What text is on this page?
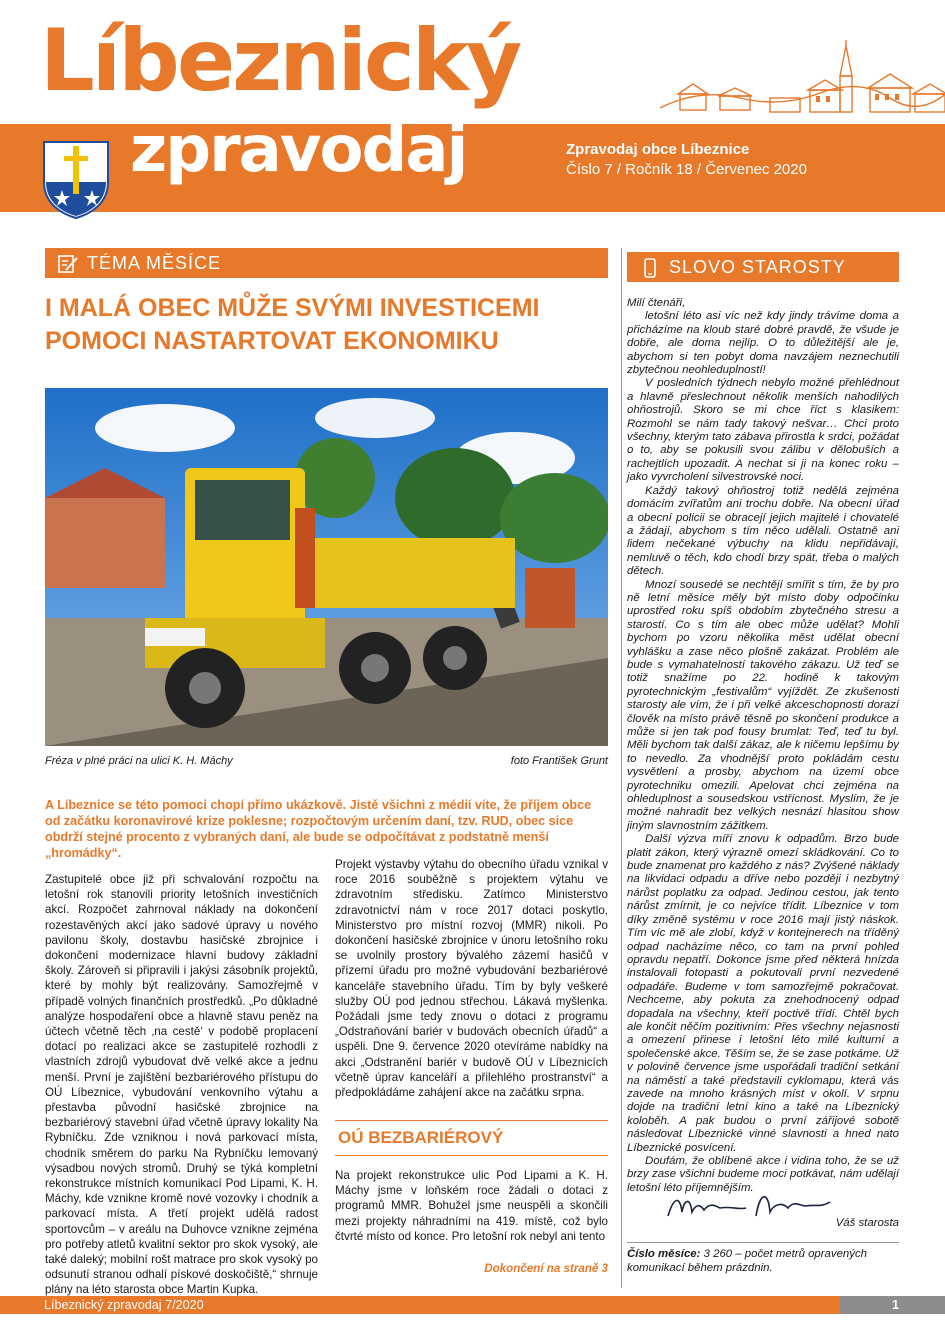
Líbeznický
zpravodaj	Zpravodaj obce Líbeznice
Číslo 7 / Ročník 18 / Červenec 2020
TÉMA MĚSÍCE	SLOVO STAROSTY
I MALÁ OBEC MŮŽE SVÝMI INVESTICEMI
POMOCI NASTARTOVAT EKONOMIKU
Fréza v plné práci na ulici K. H. Máchy	foto František Grunt
A Líbeznice se této pomoci chopí přímo ukázkově. Jistě všichni z médií víte, že příjem obce od začátku koronavirové krize poklesne; rozpočtovým určením daní, tzv. RUD, obec sice obdrží stejné procento z vybraných daní, ale bude se odpočítávat z podstatně menší „hromádky“.
Zastupitelé obce již při schvalování rozpočtu na letošní rok stanovili priority letošních investičních akcí. Rozpočet zahrnoval náklady na dokončení rozestavěných akcí jako sadové úpravy u nového pavilonu školy, dostavbu hasičské zbrojnice i dokončení modernizace hlavní budovy základní školy. Zároveň si připravili i jakýsi zásobník projektů, které by mohly být realizovány. Samozřejmě v případě volných finančních prostředků. „Po důkladné analýze hospodaření obce a hlavně stavu peněz na účtech včetně těch ‚na cestě‘ v podobě proplacení dotací po realizaci akce se zastupitelé rozhodli z vlastních zdrojů vybudovat dvě velké akce a jednu menší. První je zajištění bezbariérového přístupu do OÚ Líbeznice, vybudování venkovního výtahu a přestavba původní hasičské zbrojnice na bezbariérový stavební úřad včetně úpravy lokality Na Rybníčku. Zde vzniknou i nová parkovací místa, chodník směrem do parku Na Rybníčku lemovaný výsadbou nových stromů. Druhý se týká kompletní rekonstrukce místních komunikací Pod Lipami, K. H. Máchy, kde vznikne kromě nové vozovky i chodník a parkovací místa. A třetí projekt udělá radost sportovcům – v areálu na Duhovce vznikne zejména pro potřeby atletů kvalitní sektor pro skok vysoký, ale také daleký; mobilní rošt matrace pro skok vysoký po odsunutí stranou odhalí pískové doskočiště,“ shrnuje plány na léto starosta obce Martin Kupka.
Projekt výstavby výtahu do obecního úřadu vznikal v roce 2016 souběžně s projektem výtahu ve zdravotním středisku. Zatímco Ministerstvo zdravotnictví nám v roce 2017 dotaci poskytlo, Ministerstvo pro místní rozvoj (MMR) nikoli. Po dokončení hasičské zbrojnice v únoru letošního roku se uvolnily prostory bývalého zázemí hasičů v přízemí úřadu pro možné vybudování bezbariérové kanceláře stavebního úřadu. Tím by byly veškeré služby OÚ pod jednou střechou. Lákavá myšlenka. Požádali jsme tedy znovu o dotaci z programu „Odstraňování bariér v budovách obecních úřadů“ a uspěli. Dne 9. července 2020 otevíráme nabídky na akci „Odstranění bariér v budově OÚ v Líbeznicích včetně úprav kanceláří a přilehlého prostranství“ a předpokládáme zahájení akce na začátku srpna.
OÚ BEZBARIÉROVÝ
Na projekt rekonstrukce ulic Pod Lipami a K. H. Máchy jsme v loňském roce žádali o dotaci z programů MMR. Bohužel jsme neuspěli a skončili mezi projekty náhradními na 419. místě, což bylo čtvrté místo od konce. Pro letošní rok nebyl ani tento
Dokončení na straně 3

Milí čtenáři,

letošní léto asi víc než kdy jindy trávíme doma a přicházíme na kloub staré dobré pravdě, že všude je dobře, ale doma nejlíp. O to důležitější ale je, abychom si ten pobyt doma navzájem neznechutili zbytečnou neohleduplností!

V posledních týdnech nebylo možné přehlédnout a hlavně přeslechnout několik menších nahodilých ohňostrojů. Skoro se mi chce říct s klasikem: Rozmohl se nám tady takový nešvar… Chci proto všechny, kterým tato zábava přirostla k srdci, požádat o to, aby se pokusili svou zálibu v dělobuších a rachejtlích upozadit. A nechat si ji na konec roku – jako vyvrcholení silvestrovské noci.

Každý takový ohňostroj totiž nedělá zejména domácím zvířatům ani trochu dobře. Na obecní úřad a obecní policii se obracejí jejich majitelé i chovatelé a žádají, abychom s tím něco udělali. Ostatně ani lidem nečekané výbuchy na klidu nepřidávají, nemluvě o těch, kdo chodí brzy spát, třeba o malých dětech.

Mnozí sousedé se nechtějí smířit s tím, že by pro ně letní měsíce měly být místo doby odpočinku uprostřed roku spíš obdobím zbytečného stresu a starostí. Co s tím ale obec může udělat? Mohli bychom po vzoru několika měst udělat obecní vyhlášku a zase něco plošně zakázat. Problém ale bude s vymahatelností takového zákazu. Už teď se totiž snažíme po 22. hodině k takovým pyrotechnickým „festivalům“ vyjíždět. Ze zkušenosti starosty ale vím, že i při velké akceschopnosti dorazí člověk na místo právě těsně po skončení produkce a může si jen tak pod fousy brumlat: Teď, teď tu byl. Měli bychom tak další zákaz, ale k ničemu lepšímu by to nevedlo. Za vhodnější proto pokládám cestu vysvětlení a prosby, abychom na území obce pyrotechniku omezili. Apelovat chci zejména na ohleduplnost a sousedskou vstřícnost. Myslím, že je možné nahradit bez velkých nesnází hlasitou show jiným slavnostním zážitkem.

Další výzva míří znovu k odpadům. Brzo bude platit zákon, který výrazně omezí skládkování. Co to bude znamenat pro každého z nás? Zvýšené náklady na likvidaci odpadu a dříve nebo později i nezbytný nárůst poplatku za odpad. Jedinou cestou, jak tento nárůst zmírnit, je co nejvíce třídit. Líbeznice v tom díky změně systému v roce 2016 mají jistý náskok. Tím víc mě ale zlobí, když v kontejnerech na tříděný odpad nacházíme něco, co tam na první pohled opravdu nepatří. Dokonce jsme před některá hnízda instalovali fotopasti a pokutovali první nezvedené odpadáře. Budeme v tom samozřejmě pokračovat. Nechceme, aby pokuta za znehodnocený odpad dopadala na všechny, kteří poctivě třídí. Chtěl bych ale končit něčím pozitivním: Přes všechny nejasnosti a omezení přinese i letošní léto milé kulturní a společenské akce. Těším se, že se zase potkáme. Už v polovině července jsme uspořádali tradiční setkání na náměstí a také představili cyklomapu, která vás zavede na mnoho krásných míst v okolí. V srpnu dojde na tradiční letní kino a také na Líbeznický koloběh. A pak budou o první zářijové sobotě následovat Líbeznické vinné slavnosti a hned nato Líbeznické posvícení.

Doufám, že oblíbené akce i vidina toho, že se už brzy zase všichni budeme moci potkávat, nám udělají letošní léto příjemnějším.

Váš starosta
Číslo měsíce: 3 260 – počet metrů opravených komunikací během prázdnin.
Líbeznický zpravodaj 7/2020	1
